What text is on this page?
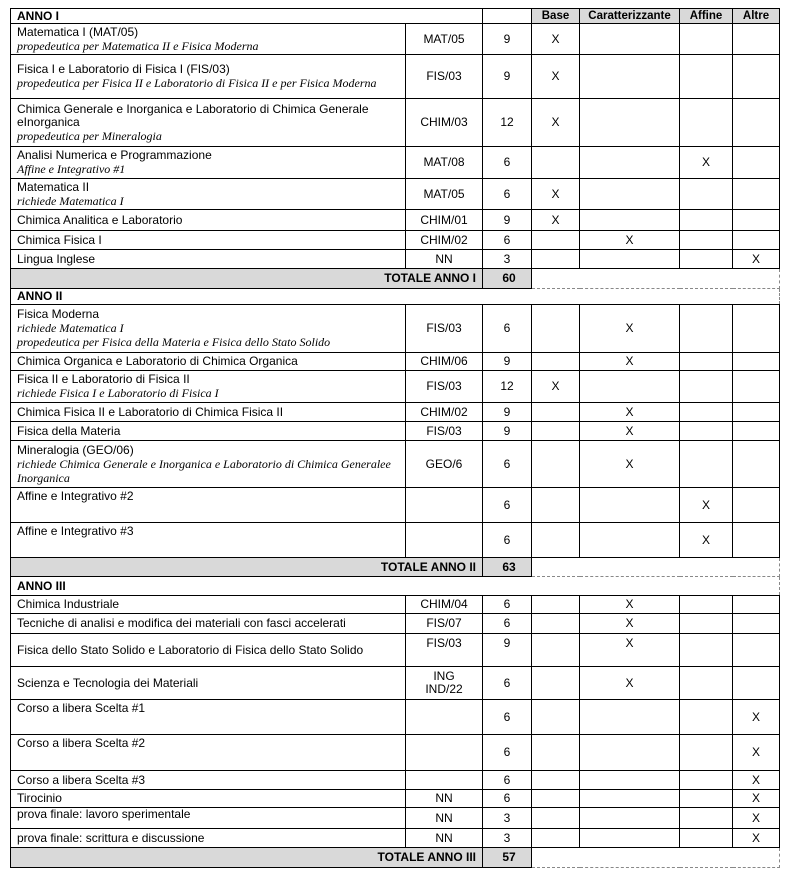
ANNO I			Base	Caratterizzante	Affine	Altre

Matematica I (MAT/05)
propedeutica per Matematica II e Fisica Moderna	MAT/05	9	X			

Fisica I e Laboratorio di Fisica I (FIS/03)
propedeutica per Fisica II e Laboratorio di Fisica II e per Fisica Moderna	FIS/03	9	X			

Chimica Generale e Inorganica e Laboratorio di Chimica Generale eInorganica
propedeutica per Mineralogia	CHIM/03	12	X			

Analisi Numerica e Programmazione
Affine e Integrativo #1	MAT/08	6			X	

Matematica II
richiede Matematica I	MAT/05	6	X			
Chimica Analitica e Laboratorio	CHIM/01	9	X			
Chimica Fisica I	CHIM/02	6		X		
Lingua Inglese	NN	3				X
TOTALE ANNO I		60				
ANNO II						

Fisica Moderna
richiede Matematica I
propedeutica per Fisica della Materia e Fisica dello Stato Solido	FIS/03	6		X		
Chimica Organica e Laboratorio di Chimica Organica	CHIM/06	9		X		

Fisica II e Laboratorio di Fisica II
richiede Fisica I e Laboratorio di Fisica I	FIS/03	12	X			
Chimica Fisica II e Laboratorio di Chimica Fisica II	CHIM/02	9		X		
Fisica della Materia	FIS/03	9		X		

Mineralogia (GEO/06)
richiede Chimica Generale e Inorganica e Laboratorio di Chimica Generalee Inorganica	GEO/6	6		X		
Affine e Integrativo #2		6			X	
Affine e Integrativo #3		6			X	
TOTALE ANNO II		63				
ANNO III						
Chimica Industriale	CHIM/04	6		X		
Tecniche di analisi e modifica dei materiali con fasci accelerati	FIS/07	6		X		
Fisica dello Stato Solido e Laboratorio di Fisica dello Stato Solido	FIS/03	9		X		
Scienza e Tecnologia dei Materiali	ING
IND/22	6		X		
Corso a libera Scelta #1		6				X
Corso a libera Scelta #2		6				X
Corso a libera Scelta #3		6				X
Tirocinio	NN	6				X
prova finale: lavoro sperimentale	NN	3				X
prova finale: scrittura e discussione	NN	3				X
TOTALE ANNO III		57				
